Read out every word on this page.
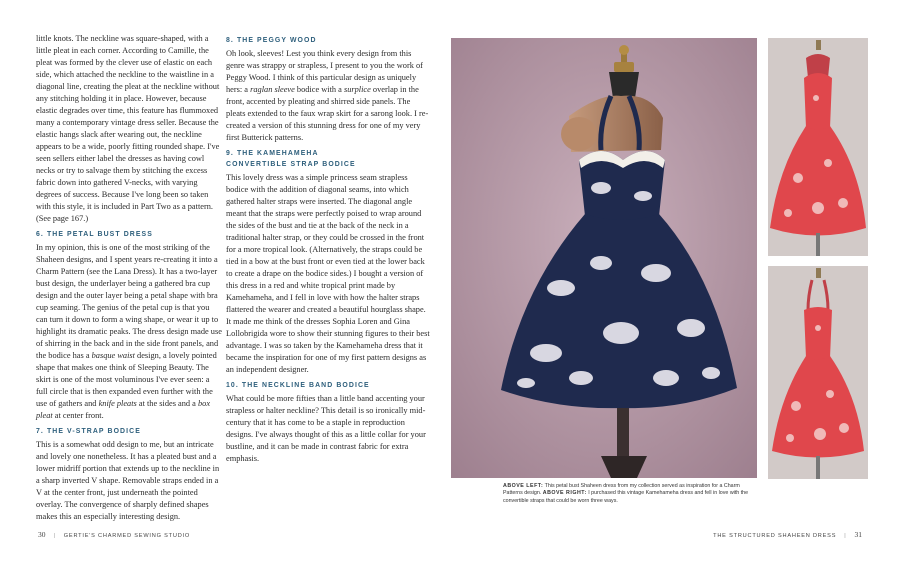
little knots. The neckline was square-shaped, with a little pleat in each corner. According to Camille, the pleat was formed by the clever use of elastic on each side, which attached the neckline to the waistline in a diagonal line, creating the pleat at the neckline without any stitching holding it in place. However, because elastic degrades over time, this feature has flummoxed many a contemporary vintage dress seller. Because the elastic hangs slack after wearing out, the neckline appears to be a wide, poorly fitting rounded shape. I've seen sellers either label the dresses as having cowl necks or try to salvage them by stitching the excess fabric down into gathered V-necks, with varying degrees of success. Because I've long been so taken with this style, it is included in Part Two as a pattern. (See page 167.)

6. THE PETAL BUST DRESS

In my opinion, this is one of the most striking of the Shaheen designs, and I spent years re-creating it into a Charm Pattern (see the Lana Dress). It has a two-layer bust design, the underlayer being a gathered bra cup design and the outer layer being a petal shape with bra cup seaming. The genius of the petal cup is that you can turn it down to form a wing shape, or wear it up to highlight its dramatic peaks. The dress design made use of shirring in the back and in the side front panels, and the bodice has a basque waist design, a lovely pointed shape that makes one think of Sleeping Beauty. The skirt is one of the most voluminous I've ever seen: a full circle that is then expanded even further with the use of gathers and knife pleats at the sides and a box pleat at center front.

7. THE V-STRAP BODICE

This is a somewhat odd design to me, but an intricate and lovely one nonetheless. It has a pleated bust and a lower midriff portion that extends up to the neckline in a sharp inverted V shape. Removable straps ended in a V at the center front, just underneath the pointed overlay. The convergence of sharply defined shapes makes this an especially interesting design.

8. THE PEGGY WOOD

Oh look, sleeves! Lest you think every design from this genre was strappy or strapless, I present to you the work of Peggy Wood. I think of this particular design as uniquely hers: a raglan sleeve bodice with a surplice overlap in the front, accented by pleating and shirred side panels. The pleats extended to the faux wrap skirt for a sarong look. I re-created a version of this stunning dress for one of my very first Butterick patterns.

9. THE KAMEHAMEHA
CONVERTIBLE STRAP BODICE

This lovely dress was a simple princess seam strapless bodice with the addition of diagonal seams, into which gathered halter straps were inserted. The diagonal angle meant that the straps were perfectly poised to wrap around the sides of the bust and tie at the back of the neck in a traditional halter strap, or they could be crossed in the front for a more tropical look. (Alternatively, the straps could be tied in a bow at the bust front or even tied at the lower back to create a drape on the bodice sides.) I bought a version of this dress in a red and white tropical print made by Kamehameha, and I fell in love with how the halter straps flattered the wearer and created a beautiful hourglass shape. It made me think of the dresses Sophia Loren and Gina Lollobrigida wore to show their stunning figures to their best advantage. I was so taken by the Kamehameha dress that it became the inspiration for one of my first pattern designs as an independent designer.

10. THE NECKLINE BAND BODICE

What could be more fifties than a little band accenting your strapless or halter neckline? This detail is so ironically mid-century that it has come to be a staple in reproduction designs. I've always thought of this as a little collar for your bustline, and it can be made in contrast fabric for extra emphasis.

ABOVE LEFT: This petal bust Shaheen dress from my collection served as inspiration for a Charm Patterns design. ABOVE RIGHT: I purchased this vintage Kamehameha dress and fell in love with the convertible straps that could be worn three ways.
30 | GERTIE'S CHARMED SEWING STUDIO	THE STRUCTURED SHAHEEN DRESS | 31
